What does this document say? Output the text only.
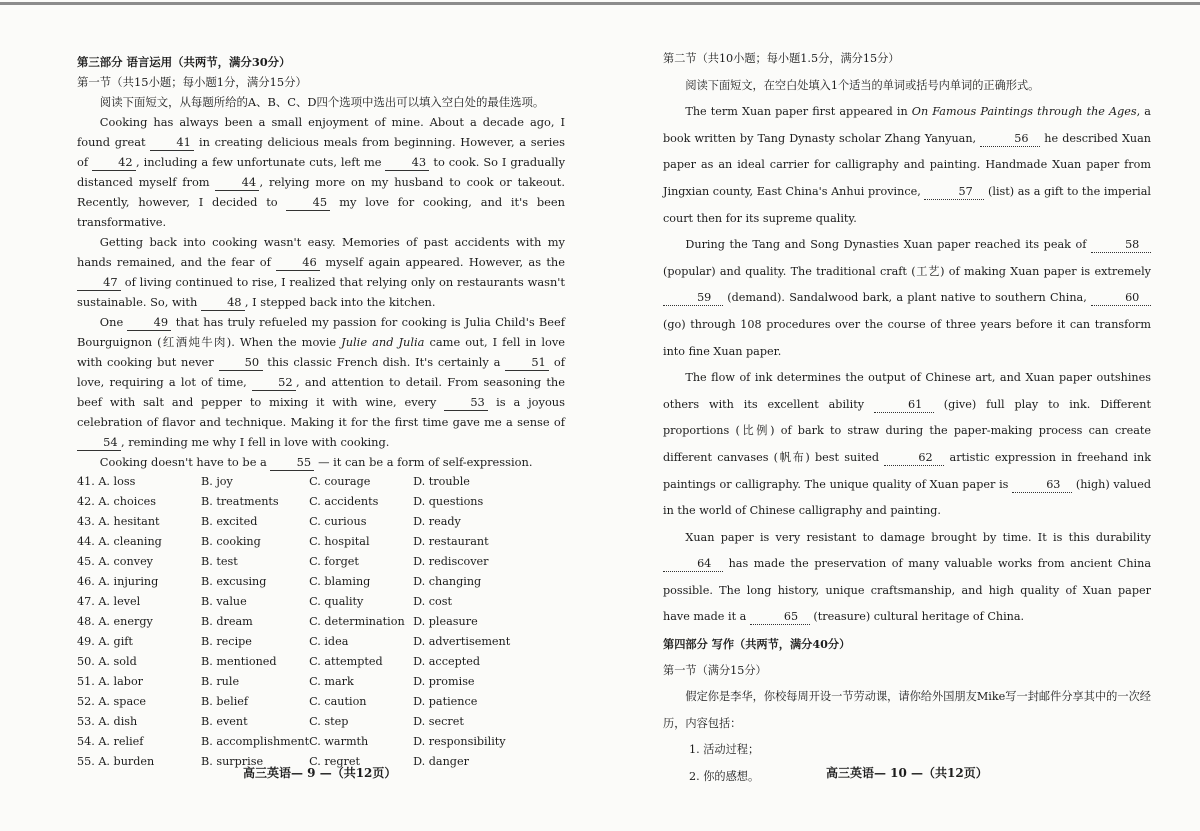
第三部分 语言运用（共两节，满分30分）

第一节（共15小题；每小题1分，满分15分）

阅读下面短文，从每题所给的A、B、C、D四个选项中选出可以填入空白处的最佳选项。

Cooking has always been a small enjoyment of mine. About a decade ago, I found great 41 in creating delicious meals from beginning. However, a series of 42 , including a few unfortunate cuts, left me 43 to cook. So I gradually distanced myself from 44 , relying more on my husband to cook or takeout. Recently, however, I decided to 45 my love for cooking, and it's been transformative.

Getting back into cooking wasn't easy. Memories of past accidents with my hands remained, and the fear of 46 myself again appeared. However, as the 47 of living continued to rise, I realized that relying only on restaurants wasn't sustainable. So, with 48 , I stepped back into the kitchen.

One 49 that has truly refueled my passion for cooking is Julia Child's Beef Bourguignon (红酒炖牛肉). When the movie Julie and Julia came out, I fell in love with cooking but never 50 this classic French dish. It's certainly a 51 of love, requiring a lot of time, 52 , and attention to detail. From seasoning the beef with salt and pepper to mixing it with wine, every 53 is a joyous celebration of flavor and technique. Making it for the first time gave me a sense of 54 , reminding me why I fell in love with cooking.

Cooking doesn't have to be a 55 — it can be a form of self-expression.

41. A. loss	B. joy	C. courage	D. trouble
42. A. choices	B. treatments	C. accidents	D. questions
43. A. hesitant	B. excited	C. curious	D. ready
44. A. cleaning	B. cooking	C. hospital	D. restaurant
45. A. convey	B. test	C. forget	D. rediscover
46. A. injuring	B. excusing	C. blaming	D. changing
47. A. level	B. value	C. quality	D. cost
48. A. energy	B. dream	C. determination	D. pleasure
49. A. gift	B. recipe	C. idea	D. advertisement
50. A. sold	B. mentioned	C. attempted	D. accepted
51. A. labor	B. rule	C. mark	D. promise
52. A. space	B. belief	C. caution	D. patience
53. A. dish	B. event	C. step	D. secret
54. A. relief	B. accomplishment	C. warmth	D. responsibility
55. A. burden	B. surprise	C. regret	D. danger
高三英语— 9 —（共12页）

第二节（共10小题；每小题1.5分，满分15分）

阅读下面短文，在空白处填入1个适当的单词或括号内单词的正确形式。

The term Xuan paper first appeared in On Famous Paintings through the Ages, a book written by Tang Dynasty scholar Zhang Yanyuan,	56 he described Xuan paper as an ideal carrier for calligraphy and painting. Handmade Xuan paper from Jingxian county, East China's Anhui province,	57 (list) as a gift to the imperial court then for its supreme quality.

During the Tang and Song Dynasties Xuan paper reached its peak of	58 (popular) and quality. The traditional craft (工艺) of making Xuan paper is extremely 59 (demand). Sandalwood bark, a plant native to southern China,	60 (go) through 108 procedures over the course of three years before it can transform into fine Xuan paper.

The flow of ink determines the output of Chinese art, and Xuan paper outshines others with its excellent ability	61 (give) full play to ink. Different proportions (比例) of bark to straw during the paper-making process can create different canvases (帆布) best suited	62 artistic expression in freehand ink paintings or calligraphy. The unique quality of Xuan paper is	63 (high) valued in the world of Chinese calligraphy and painting.

Xuan paper is very resistant to damage brought by time. It is this durability 64 has made the preservation of many valuable works from ancient China possible. The long history, unique craftsmanship, and high quality of Xuan paper have made it a	65 (treasure) cultural heritage of China.

第四部分 写作（共两节，满分40分）

第一节（满分15分）

假定你是李华，你校每周开设一节劳动课，请你给外国朋友Mike写一封邮件分享其中的一次经历，内容包括：

1. 活动过程；

2. 你的感想。	高三英语— 10 —（共12页）
